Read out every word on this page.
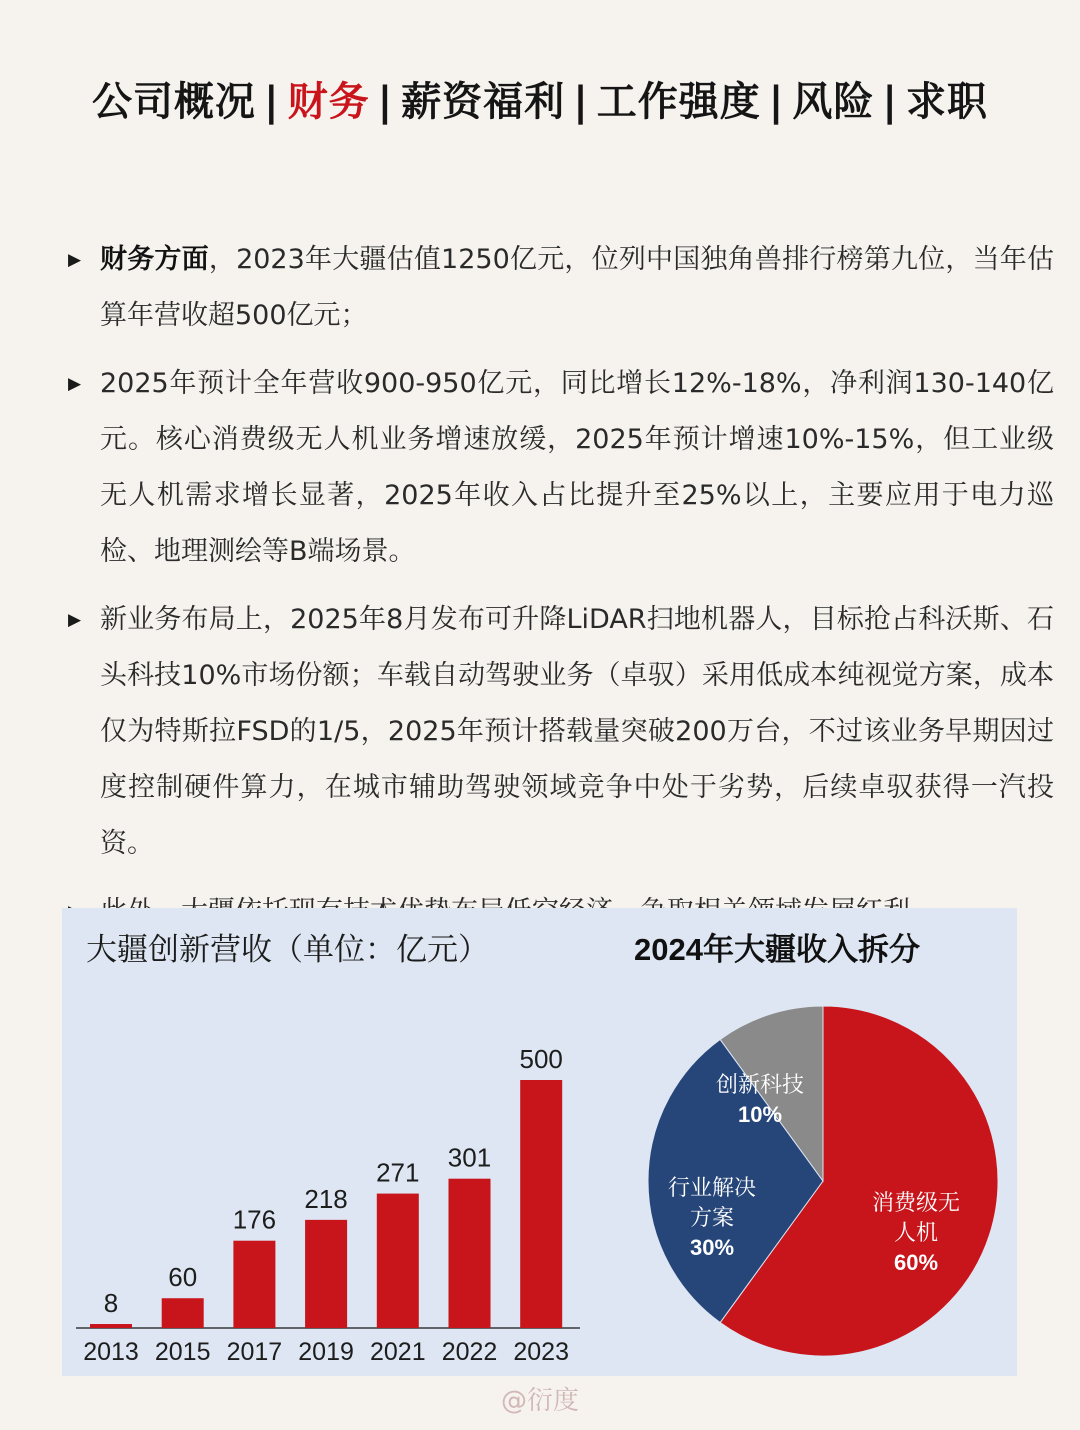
公司概况 | 财务 | 薪资福利 | 工作强度 | 风险 | 求职
▶ 财务方面，2023年大疆估值1250亿元，位列中国独角兽排行榜第九位，当年估算年营收超500亿元；
▶ 2025年预计全年营收900-950亿元，同比增长12%-18%，净利润130-140亿元。核心消费级无人机业务增速放缓，2025年预计增速10%-15%，但工业级无人机需求增长显著，2025年收入占比提升至25%以上，主要应用于电力巡检、地理测绘等B端场景。
▶ 新业务布局上，2025年8月发布可升降LiDAR扫地机器人，目标抢占科沃斯、石头科技10%市场份额；车载自动驾驶业务（卓驭）采用低成本纯视觉方案，成本仅为特斯拉FSD的1/5，2025年预计搭载量突破200万台，不过该业务早期因过度控制硬件算力，在城市辅助驾驶领域竞争中处于劣势，后续卓驭获得一汽投资。
大疆创新营收（单位：亿元）	2024年大疆收入拆分
8
2013
60
2015
176
2017
218
2019
271
2021
301
2022
500
2023
消费级无
人机
60%
行业解决
方案
30%
创新科技
10%
@衍度
